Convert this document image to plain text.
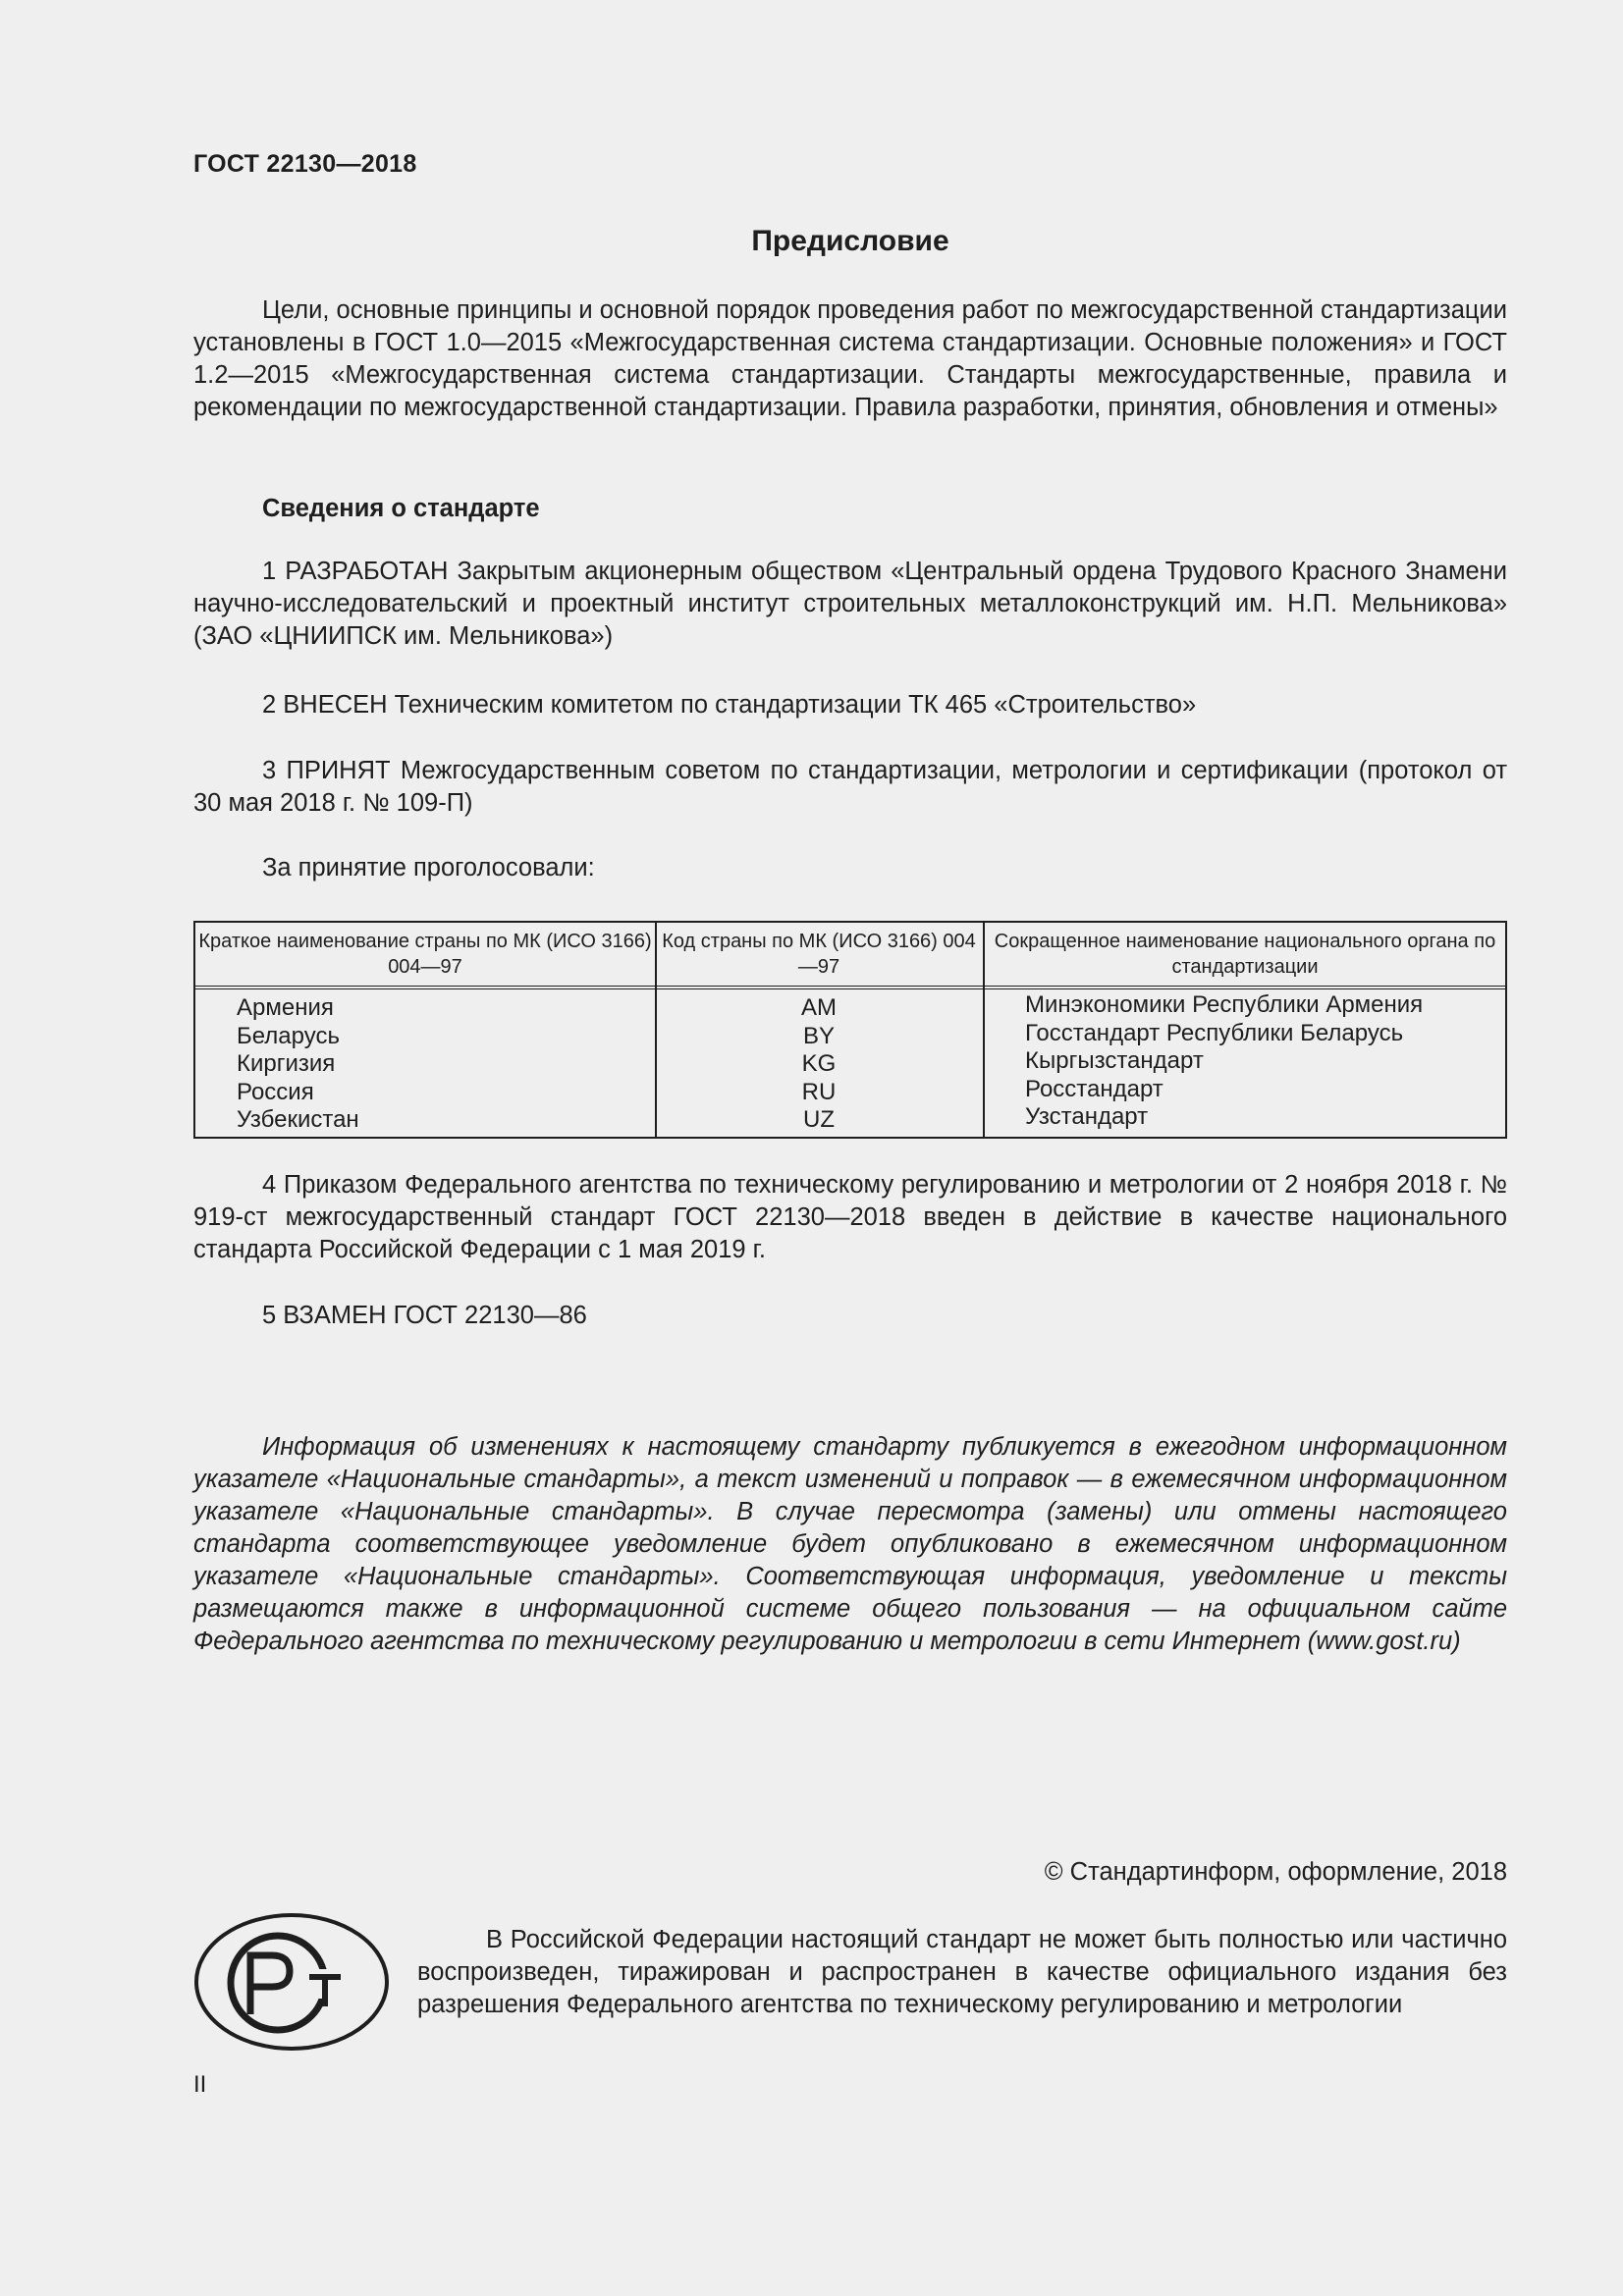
ГОСТ 22130—2018
Предисловие
Цели, основные принципы и основной порядок проведения работ по межгосударственной стандартизации установлены в ГОСТ 1.0—2015 «Межгосударственная система стандартизации. Основные положения» и ГОСТ 1.2—2015 «Межгосударственная система стандартизации. Стандарты межгосударственные, правила и рекомендации по межгосударственной стандартизации. Правила разработки, принятия, обновления и отмены»
Сведения о стандарте
1 РАЗРАБОТАН Закрытым акционерным обществом «Центральный ордена Трудового Красного Знамени научно-исследовательский и проектный институт строительных металлоконструкций им. Н.П. Мельникова» (ЗАО «ЦНИИПСК им. Мельникова»)
2 ВНЕСЕН Техническим комитетом по стандартизации ТК 465 «Строительство»
3 ПРИНЯТ Межгосударственным советом по стандартизации, метрологии и сертификации (протокол от 30 мая 2018 г. № 109-П)
За принятие проголосовали:
Краткое наименование страны по МК (ИСО 3166) 004—97
Код страны по МК (ИСО 3166) 004—97
Сокращенное наименование национального органа по стандартизации
Армения
Беларусь
Киргизия
Россия
Узбекистан
AM
BY
KG
RU
UZ
Минэкономики Республики Армения
Госстандарт Республики Беларусь
Кыргызстандарт
Росстандарт
Узстандарт
4 Приказом Федерального агентства по техническому регулированию и метрологии от 2 ноября 2018 г. № 919-ст межгосударственный стандарт ГОСТ 22130—2018 введен в действие в качестве национального стандарта Российской Федерации с 1 мая 2019 г.
5 ВЗАМЕН ГОСТ 22130—86
Информация об изменениях к настоящему стандарту публикуется в ежегодном информационном указателе «Национальные стандарты», а текст изменений и поправок — в ежемесячном информационном указателе «Национальные стандарты». В случае пересмотра (замены) или отмены настоящего стандарта соответствующее уведомление будет опубликовано в ежемесячном информационном указателе «Национальные стандарты». Соответствующая информация, уведомление и тексты размещаются также в информационной системе общего пользования — на официальном сайте Федерального агентства по техническому регулированию и метрологии в сети Интернет (www.gost.ru)
© Стандартинформ, оформление, 2018
В Российской Федерации настоящий стандарт не может быть полностью или частично воспроизведен, тиражирован и распространен в качестве официального издания без разрешения Федерального агентства по техническому регулированию и метрологии
II
